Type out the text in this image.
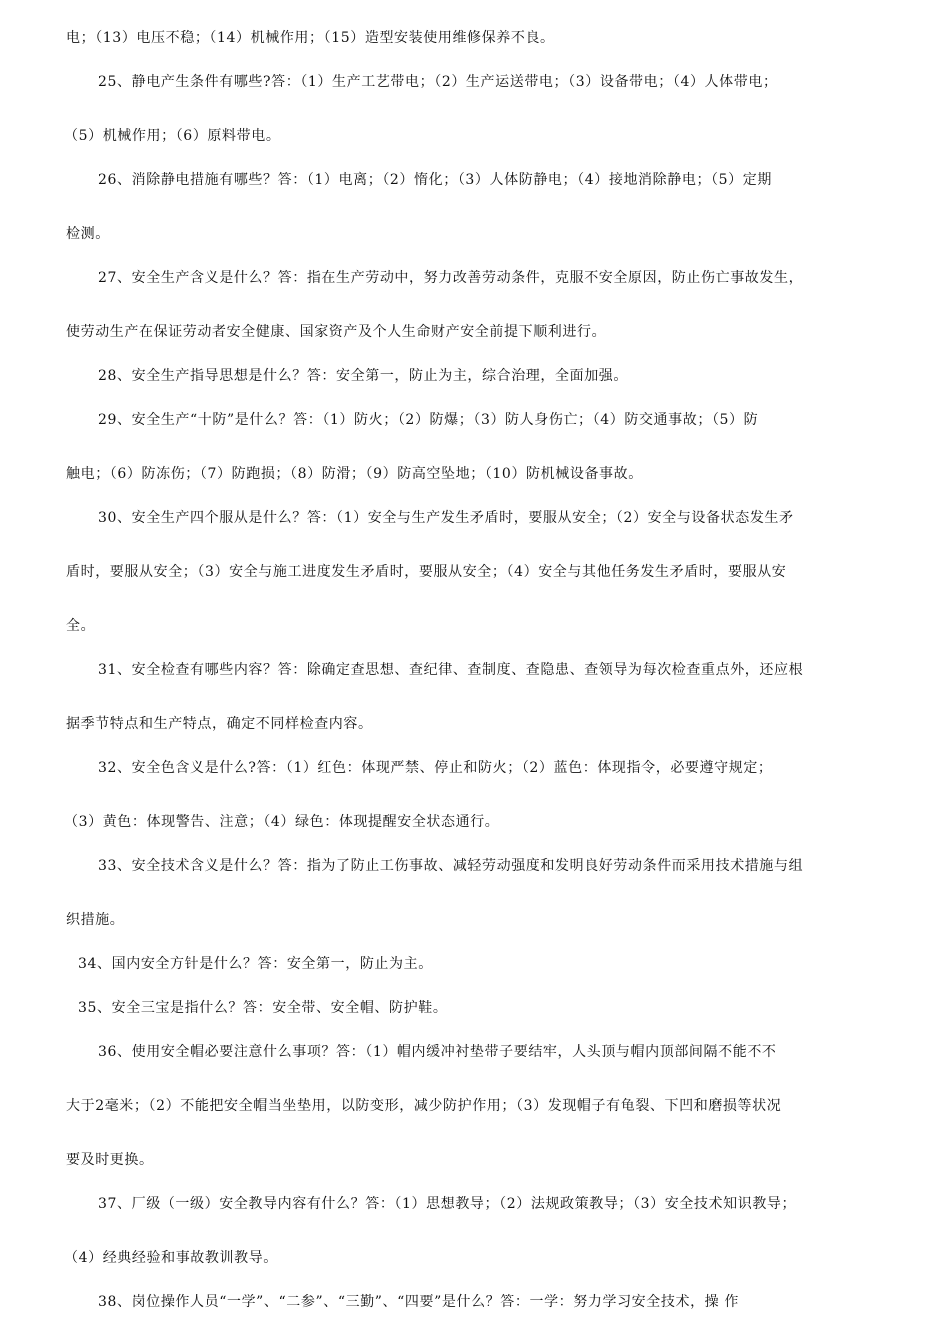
电；（13）电压不稳；（14）机械作用；（15）造型安装使用维修保养不良。
25、静电产生条件有哪些?答：（1）生产工艺带电；（2）生产运送带电；（3）设备带电；（4）人体带电；
（5）机械作用；（6）原料带电。
26、消除静电措施有哪些？答：（1）电离；（2）惰化；（3）人体防静电；（4）接地消除静电；（5）定期
检测。
27、安全生产含义是什么？答：指在生产劳动中，努力改善劳动条件，克服不安全原因，防止伤亡事故发生，
使劳动生产在保证劳动者安全健康、国家资产及个人生命财产安全前提下顺利进行。
28、安全生产指导思想是什么？答：安全第一，防止为主，综合治理，全面加强。
29、安全生产“十防”是什么？答：（1）防火；（2）防爆；（3）防人身伤亡；（4）防交通事故；（5）防
触电；（6）防冻伤；（7）防跑损；（8）防滑；（9）防高空坠地；（10）防机械设备事故。
30、安全生产四个服从是什么？答：（1）安全与生产发生矛盾时，要服从安全；（2）安全与设备状态发生矛
盾时，要服从安全；（3）安全与施工进度发生矛盾时，要服从安全；（4）安全与其他任务发生矛盾时，要服从安
全。
31、安全检查有哪些内容？答：除确定查思想、查纪律、查制度、查隐患、查领导为每次检查重点外，还应根
据季节特点和生产特点，确定不同样检查内容。
32、安全色含义是什么?答：（1）红色：体现严禁、停止和防火；（2）蓝色：体现指令，必要遵守规定；
（3）黄色：体现警告、注意；（4）绿色：体现提醒安全状态通行。
33、安全技术含义是什么？答：指为了防止工伤事故、减轻劳动强度和发明良好劳动条件而采用技术措施与组
织措施。
34、国内安全方针是什么？答：安全第一，防止为主。
35、安全三宝是指什么？答：安全带、安全帽、防护鞋。
36、使用安全帽必要注意什么事项？答：（1）帽内缓冲衬垫带子要结牢，人头顶与帽内顶部间隔不能不不
大于2毫米；（2）不能把安全帽当坐垫用，以防变形，减少防护作用；（3）发现帽子有龟裂、下凹和磨损等状况
要及时更换。
37、厂级（一级）安全教导内容有什么？答：（1）思想教导；（2）法规政策教导；（3）安全技术知识教导；
（4）经典经验和事故教训教导。
38、岗位操作人员“一学”、“二参”、“三勤”、“四要”是什么？答：一学：努力学习安全技术，操 作
